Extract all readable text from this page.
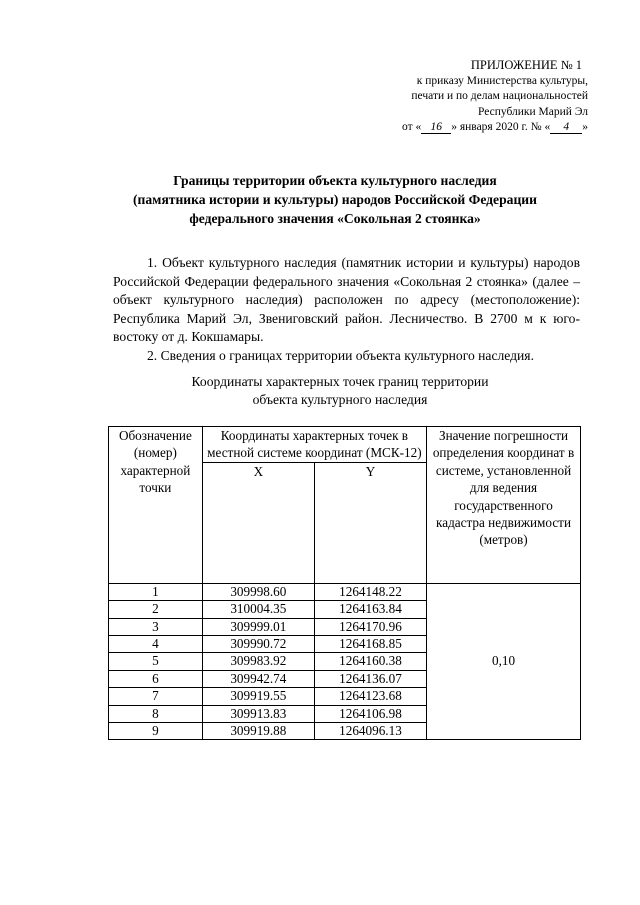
ПРИЛОЖЕНИЕ № 1
к приказу Министерства культуры,
печати и по делам национальностей
Республики Марий Эл
от « 16 » января 2020 г. № « 4 »
Границы территории объекта культурного наследия
(памятника истории и культуры) народов Российской Федерации
федерального значения «Сокольная 2 стоянка»

1. Объект культурного наследия (памятник истории и культуры) народов Российской Федерации федерального значения «Сокольная 2 стоянка» (далее – объект культурного наследия) расположен по адресу (местоположение): Республика Марий Эл, Звениговский район. Лесничество. В 2700 м к юго-востоку от д. Кокшамары.

2. Сведения о границах территории объекта культурного наследия.

Координаты характерных точек границ территории
объекта культурного наследия
Обозначение (номер) характерной точки	Координаты характерных точек в местной системе координат (МСК-12)		Значение погрешности определения координат в системе, установленной для ведения государственного кадастра недвижимости (метров)
	X	Y	
1	309998.60	1264148.22	0,10
2	310004.35	1264163.84	
3	309999.01	1264170.96	
4	309990.72	1264168.85	
5	309983.92	1264160.38	
6	309942.74	1264136.07	
7	309919.55	1264123.68	
8	309913.83	1264106.98	
9	309919.88	1264096.13	
